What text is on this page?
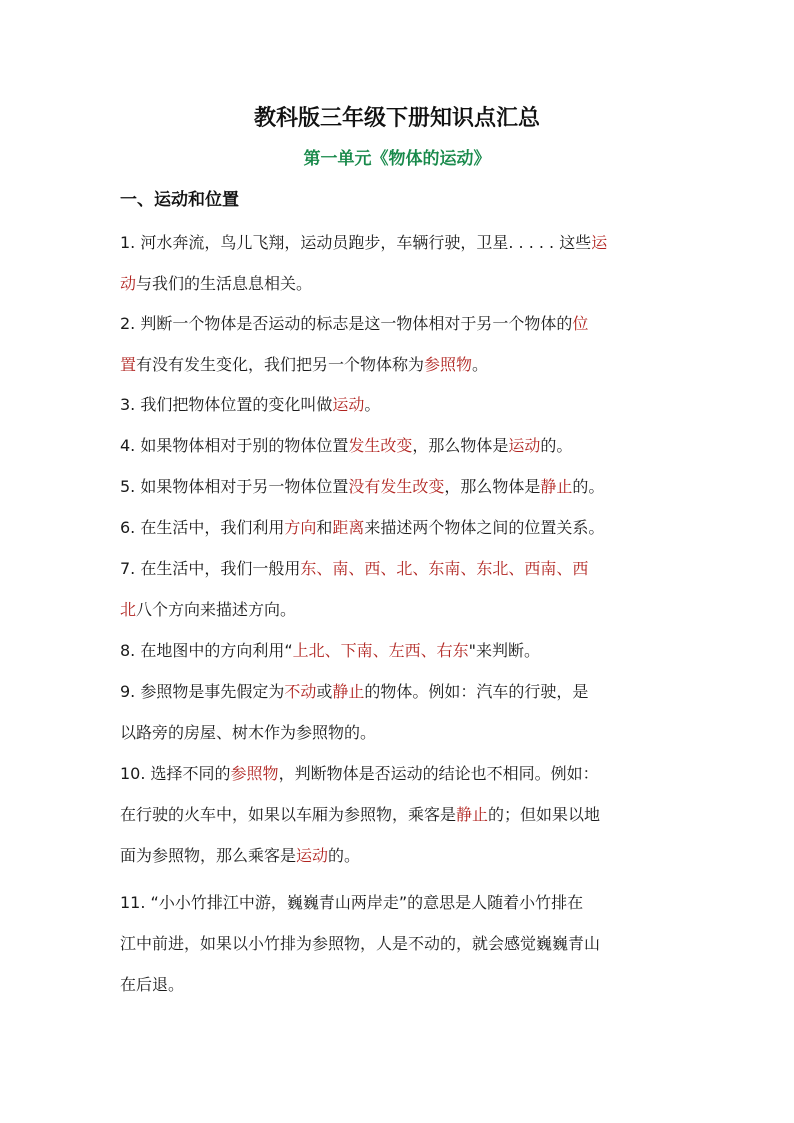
教科版三年级下册知识点汇总
第一单元《物体的运动》
一、运动和位置
1. 河水奔流，鸟儿飞翔，运动员跑步，车辆行驶，卫星. . . . . 这些运
动与我们的生活息息相关。
2. 判断一个物体是否运动的标志是这一物体相对于另一个物体的位
置有没有发生变化，我们把另一个物体称为参照物。
3. 我们把物体位置的变化叫做运动。
4. 如果物体相对于别的物体位置发生改变，那么物体是运动的。
5. 如果物体相对于另一物体位置没有发生改变，那么物体是静止的。
6. 在生活中，我们利用方向和距离来描述两个物体之间的位置关系。
7. 在生活中，我们一般用东、南、西、北、东南、东北、西南、西
北八个方向来描述方向。
8. 在地图中的方向利用“上北、下南、左西、右东"来判断。
9. 参照物是事先假定为不动或静止的物体。例如：汽车的行驶，是
以路旁的房屋、树木作为参照物的。
10. 选择不同的参照物，判断物体是否运动的结论也不相同。例如：
在行驶的火车中，如果以车厢为参照物，乘客是静止的；但如果以地
面为参照物，那么乘客是运动的。
11. “小小竹排江中游，巍巍青山两岸走”的意思是人随着小竹排在
江中前进，如果以小竹排为参照物，人是不动的，就会感觉巍巍青山
在后退。
